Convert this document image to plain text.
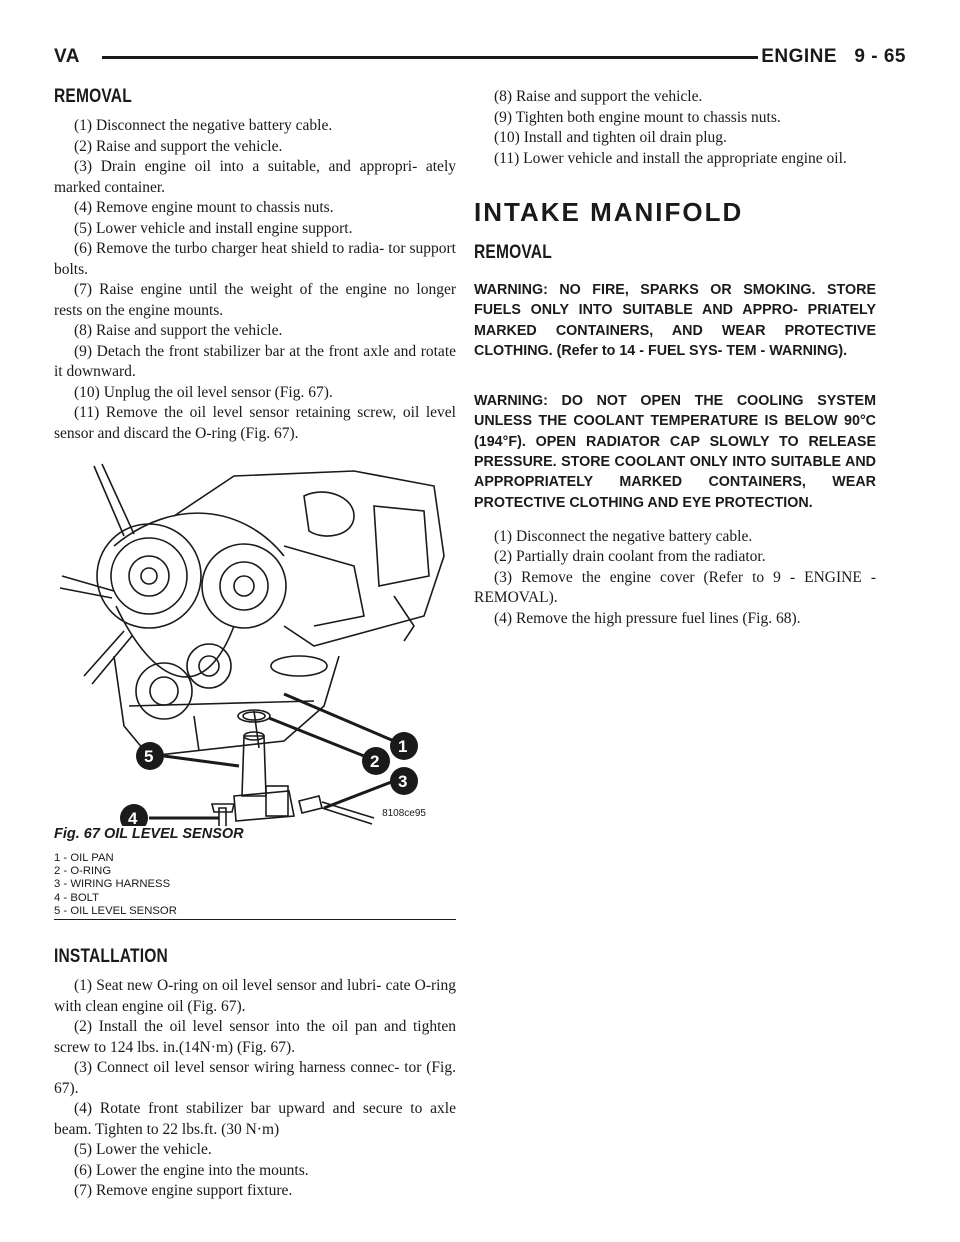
VA	ENGINE   9 - 65
REMOVAL

(1) Disconnect the negative battery cable.

(2) Raise and support the vehicle.

(3) Drain engine oil into a suitable, and appropri- ately marked container.

(4) Remove engine mount to chassis nuts.

(5) Lower vehicle and install engine support.

(6) Remove the turbo charger heat shield to radia- tor support bolts.

(7) Raise engine until the weight of the engine no longer rests on the engine mounts.

(8) Raise and support the vehicle.

(9) Detach the front stabilizer bar at the front axle and rotate it downward.

(10) Unplug the oil level sensor (Fig. 67).

(11) Remove the oil level sensor retaining screw, oil level sensor and discard the O-ring (Fig. 67).

1
2
3
4
5
8108ce95
Fig. 67 OIL LEVEL SENSOR
1 - OIL PAN
2 - O-RING
3 - WIRING HARNESS
4 - BOLT
5 - OIL LEVEL SENSOR
INSTALLATION

(1) Seat new O-ring on oil level sensor and lubri- cate O-ring with clean engine oil (Fig. 67).

(2) Install the oil level sensor into the oil pan and tighten screw to 124 lbs. in.(14N·m) (Fig. 67).

(3) Connect oil level sensor wiring harness connec- tor (Fig. 67).

(4) Rotate front stabilizer bar upward and secure to axle beam. Tighten to 22 lbs.ft. (30 N·m)

(5) Lower the vehicle.

(6) Lower the engine into the mounts.

(7) Remove engine support fixture.

(8) Raise and support the vehicle.

(9) Tighten both engine mount to chassis nuts.

(10) Install and tighten oil drain plug.

(11) Lower vehicle and install the appropriate engine oil.

INTAKE MANIFOLD
REMOVAL

WARNING: NO FIRE, SPARKS OR SMOKING. STORE FUELS ONLY INTO SUITABLE AND APPRO- PRIATELY MARKED CONTAINERS, AND WEAR PROTECTIVE CLOTHING. (Refer to 14 - FUEL SYS- TEM - WARNING).

WARNING: DO NOT OPEN THE COOLING SYSTEM UNLESS THE COOLANT TEMPERATURE IS BELOW 90°C (194°F). OPEN RADIATOR CAP SLOWLY TO RELEASE PRESSURE. STORE COOLANT ONLY INTO SUITABLE AND APPROPRIATELY MARKED CONTAINERS, WEAR PROTECTIVE CLOTHING AND EYE PROTECTION.

(1) Disconnect the negative battery cable.

(2) Partially drain coolant from the radiator.

(3) Remove the engine cover (Refer to 9 - ENGINE - REMOVAL).

(4) Remove the high pressure fuel lines (Fig. 68).
